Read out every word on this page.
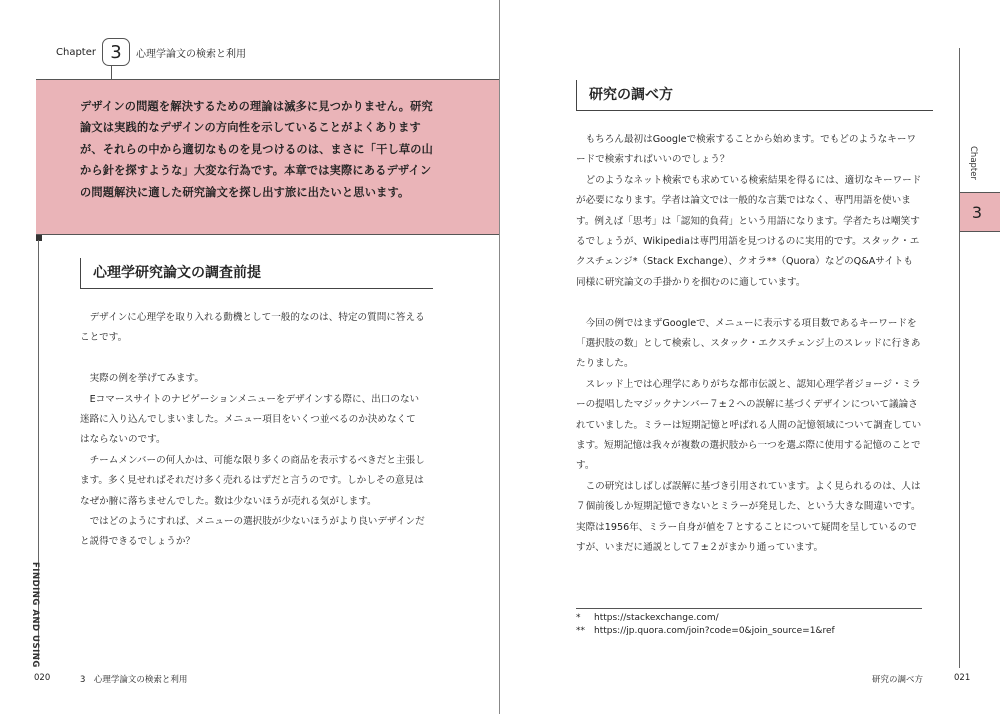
Chapter 3	心理学論文の検索と利用

デザインの問題を解決するための理論は滅多に見つかりません。研究論文は実践的なデザインの方向性を示していることがよくありますが、それらの中から適切なものを見つけるのは、まさに「干し草の山から針を探すような」大変な行為です。本章では実際にあるデザインの問題解決に適した研究論文を探し出す旅に出たいと思います。

心理学研究論文の調査前提

デザインに心理学を取り入れる動機として一般的なのは、特定の質問に答えることです。

実際の例を挙げてみます。

Eコマースサイトのナビゲーションメニューをデザインする際に、出口のない迷路に入り込んでしまいました。メニュー項目をいくつ並べるのか決めなくてはならないのです。

チームメンバーの何人かは、可能な限り多くの商品を表示するべきだと主張します。多く見せればそれだけ多く売れるはずだと言うのです。しかしその意見はなぜか腑に落ちませんでした。数は少ないほうが売れる気がします。

ではどのようにすれば、メニューの選択肢が少ないほうがより良いデザインだと説得できるでしょうか？

FINDING AND USING
020	3　心理学論文の検索と利用
研究の調べ方

もちろん最初はGoogleで検索することから始めます。でもどのようなキーワードで検索すればいいのでしょう？

どのようなネット検索でも求めている検索結果を得るには、適切なキーワードが必要になります。学者は論文では一般的な言葉ではなく、専門用語を使います。例えば「思考」は「認知的負荷」という用語になります。学者たちは嘲笑するでしょうが、Wikipediaは専門用語を見つけるのに実用的です。スタック・エクスチェンジ*（Stack Exchange）、クオラ**（Quora）などのQ&Aサイトも同様に研究論文の手掛かりを掴むのに適しています。

今回の例ではまずGoogleで、メニューに表示する項目数であるキーワードを「選択肢の数」として検索し、スタック・エクスチェンジ上のスレッドに行きあたりました。

スレッド上では心理学にありがちな都市伝説と、認知心理学者ジョージ・ミラーの提唱したマジックナンバー７±２への誤解に基づくデザインについて議論されていました。ミラーは短期記憶と呼ばれる人間の記憶領域について調査しています。短期記憶は我々が複数の選択肢から一つを選ぶ際に使用する記憶のことです。

この研究はしばしば誤解に基づき引用されています。よく見られるのは、人は７個前後しか短期記憶できないとミラーが発見した、という大きな間違いです。実際は1956年、ミラー自身が値を７とすることについて疑問を呈しているのですが、いまだに通説として７±２がまかり通っています。

* https://stackexchange.com/
** https://jp.quora.com/join?code=0&join_source=1&ref
Chapter
3
研究の調べ方	021
